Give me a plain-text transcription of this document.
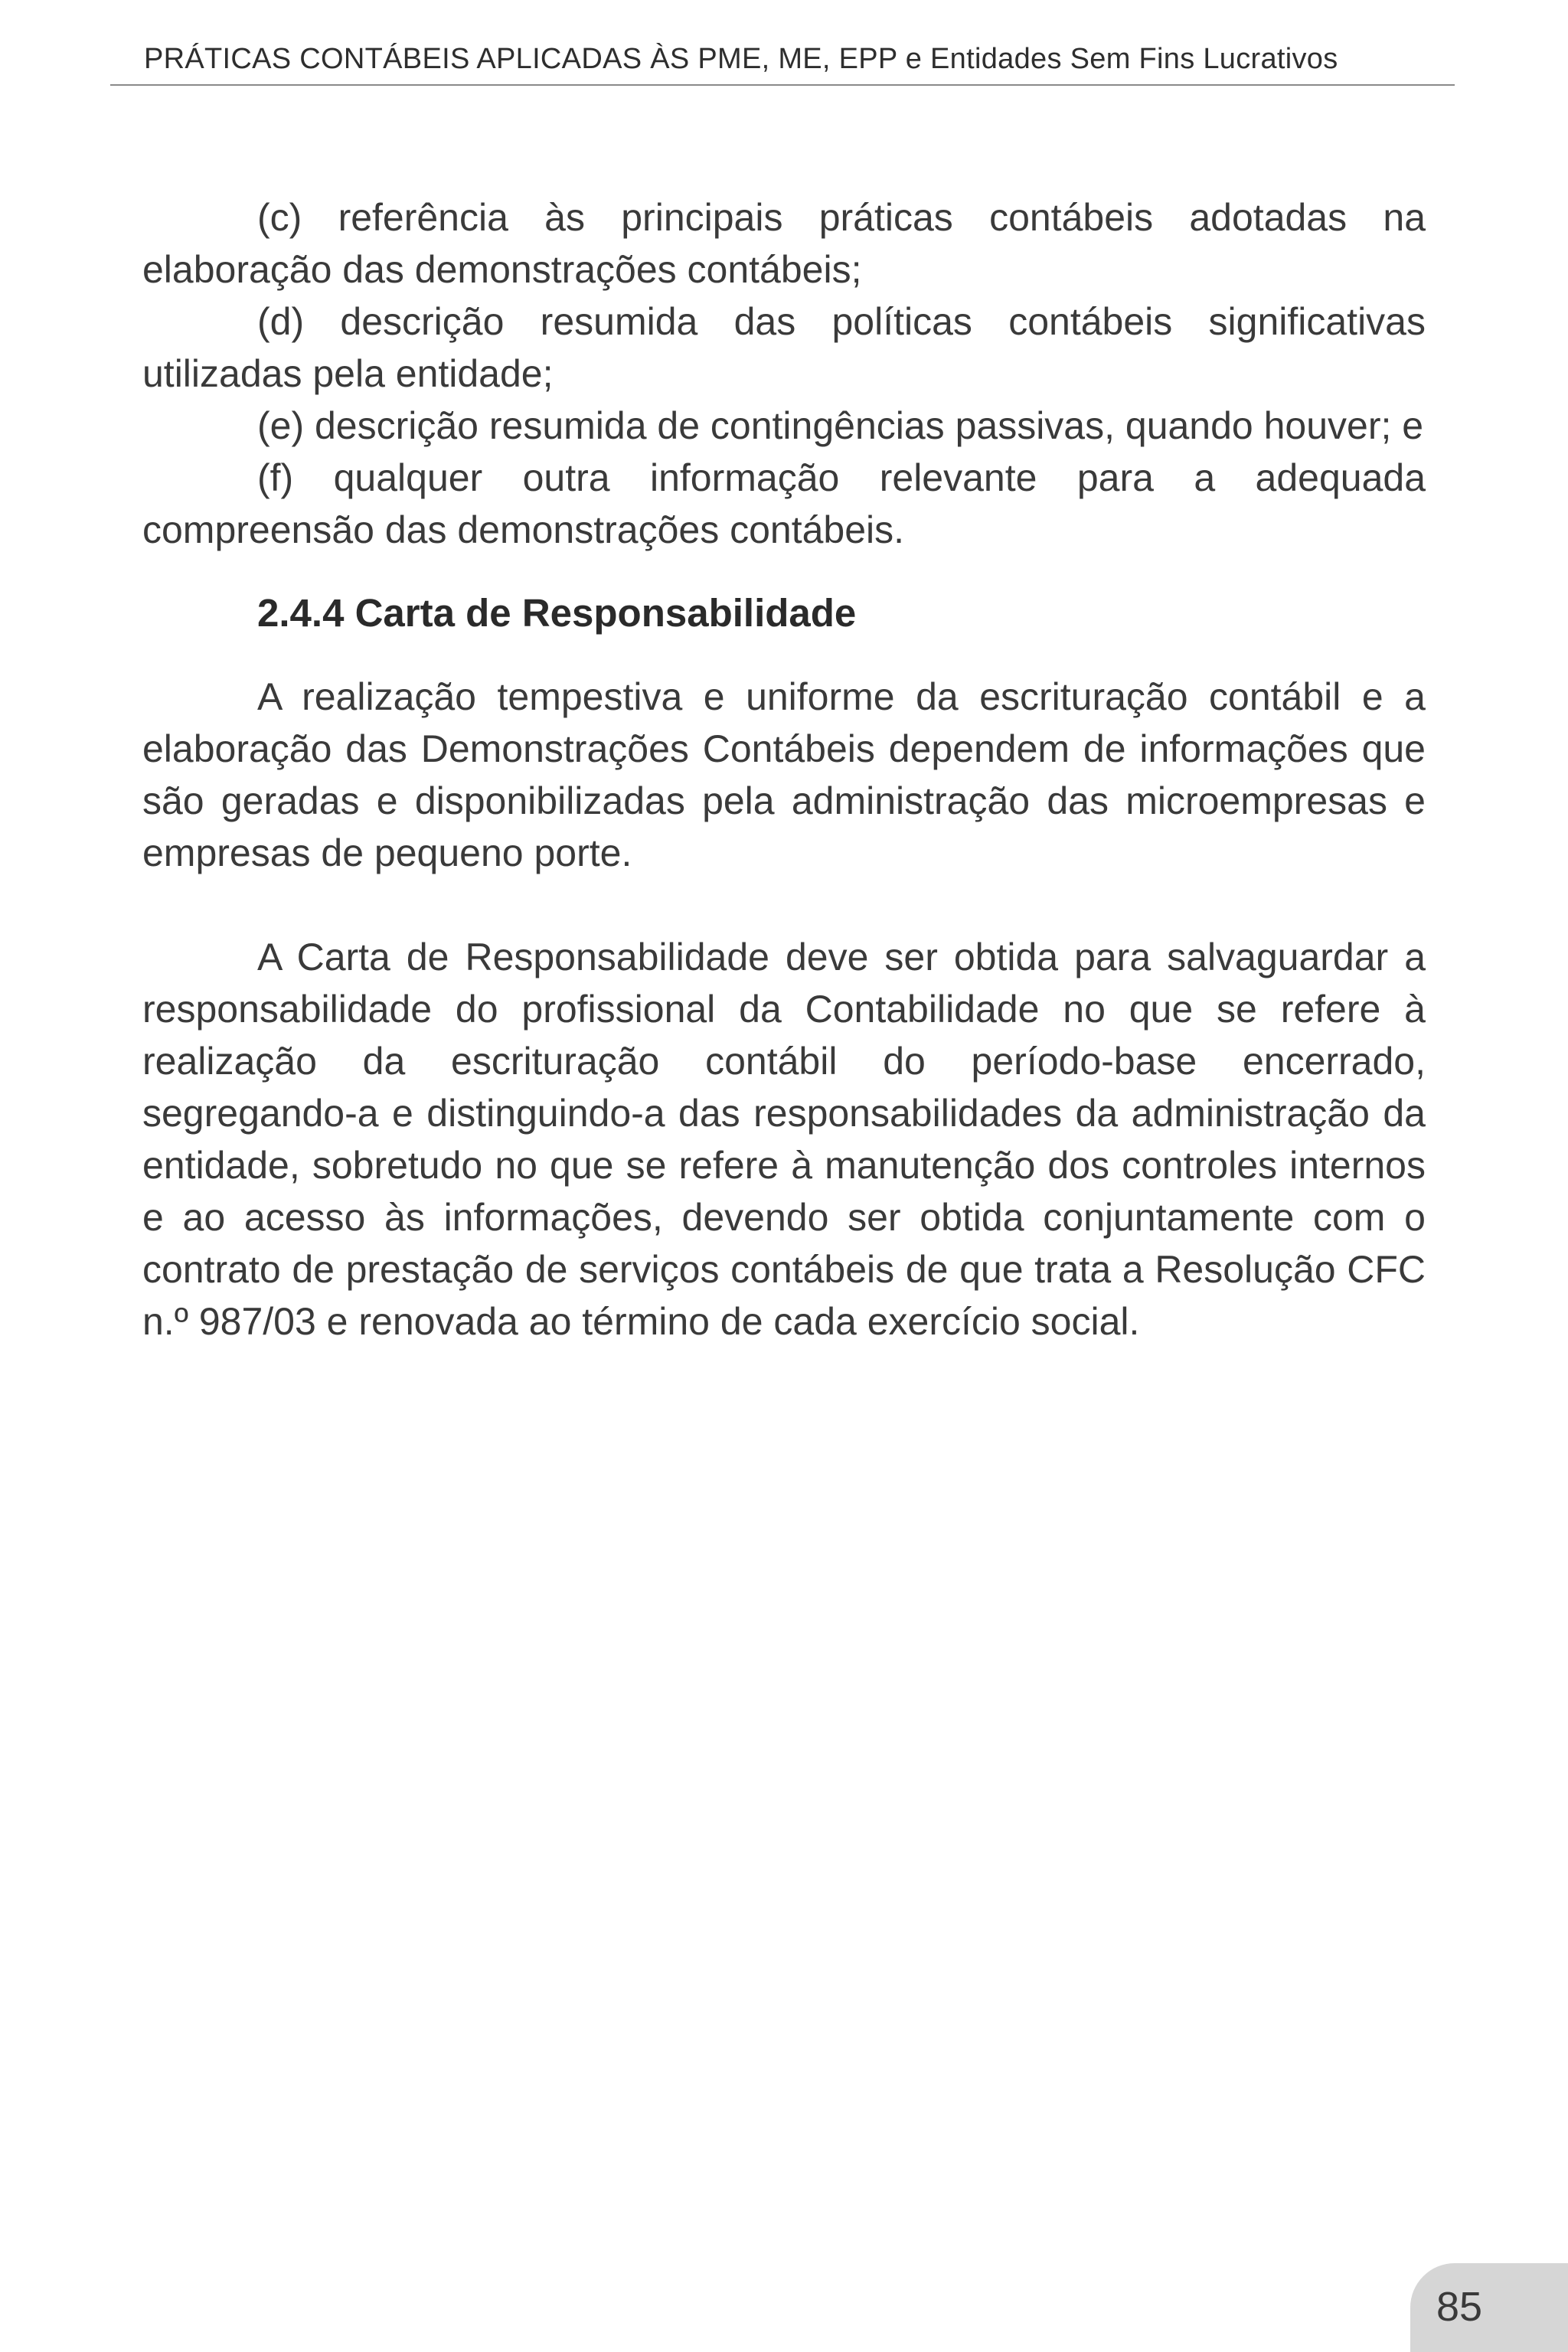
PRÁTICAS CONTÁBEIS APLICADAS ÀS PME, ME, EPP e Entidades Sem Fins Lucrativos

(c) referência às principais práticas contábeis adotadas na elaboração das demonstrações contábeis;

(d) descrição resumida das políticas contábeis significativas utilizadas pela entidade;

(e) descrição resumida de contingências passivas, quando houver; e

(f) qualquer outra informação relevante para a adequada compreensão das demonstrações contábeis.

2.4.4 Carta de Responsabilidade

A realização tempestiva e uniforme da escrituração contábil e a elaboração das Demonstrações Contábeis dependem de informações que são geradas e disponibilizadas pela administração das microempresas e empresas de pequeno porte.

A Carta de Responsabilidade deve ser obtida para salvaguardar a responsabilidade do profissional da Contabilidade no que se refere à realização da escrituração contábil do período-base encerrado, segregando-a e distinguindo-a das responsabilidades da administração da entidade, sobretudo no que se refere à manutenção dos controles internos e ao acesso às informações, devendo ser obtida conjuntamente com o contrato de prestação de serviços contábeis de que trata a Resolução CFC n.º 987/03 e renovada ao término de cada exercício social.

85
